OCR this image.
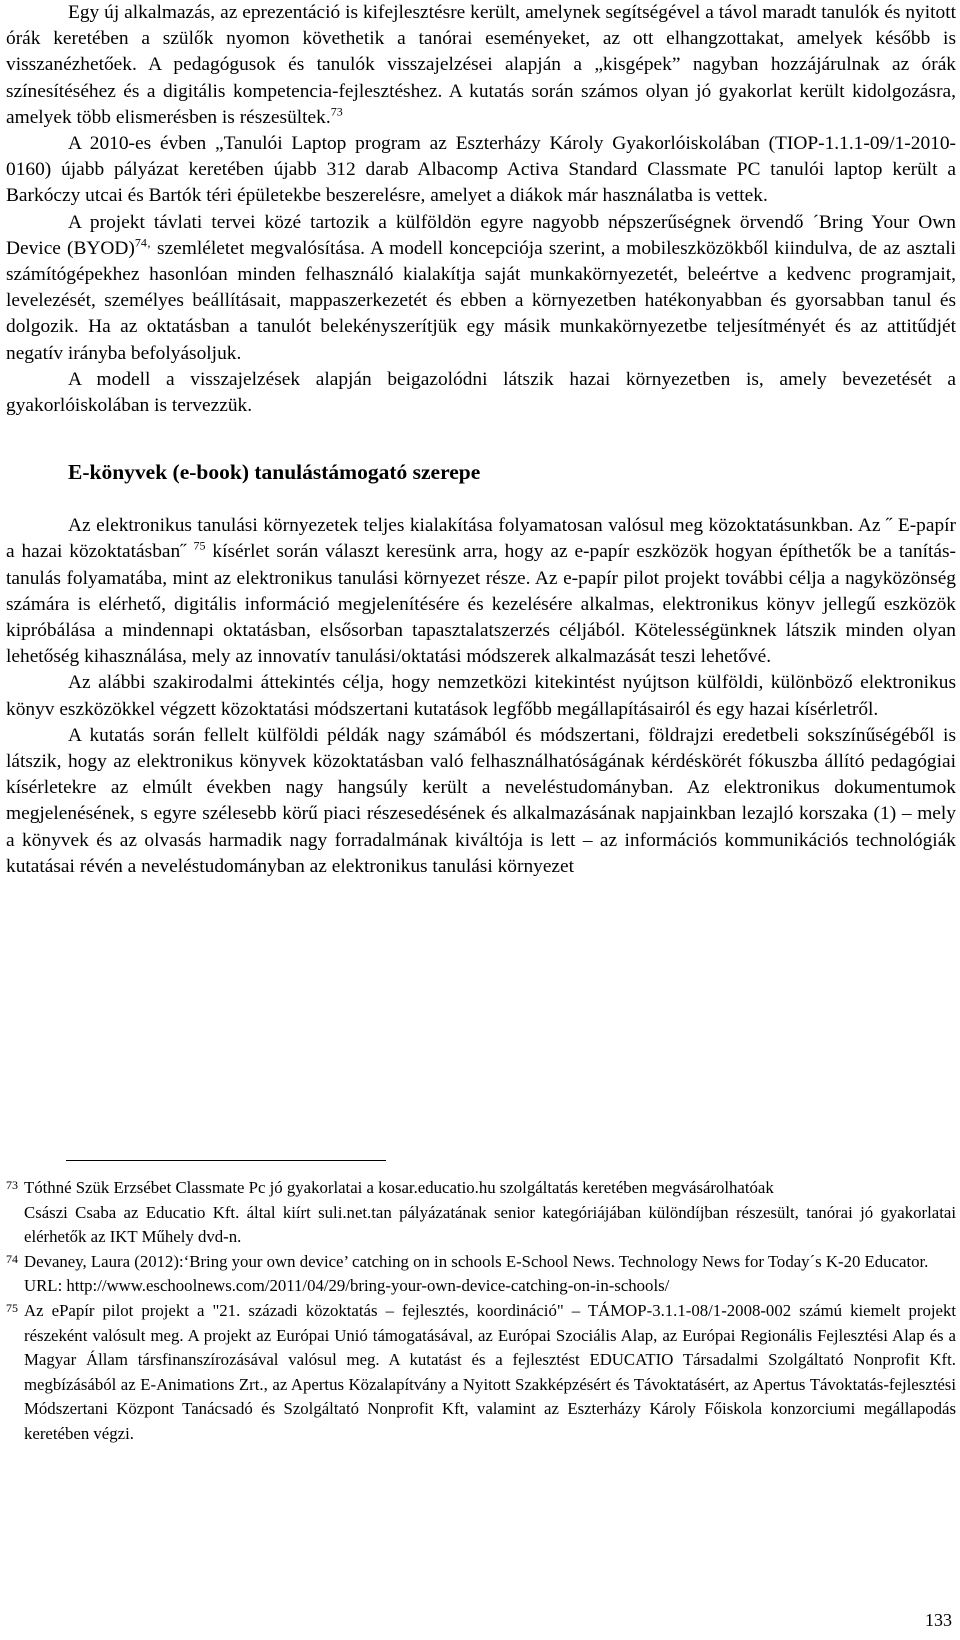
Egy új alkalmazás, az eprezentáció is kifejlesztésre került, amelynek segítségével a távol maradt tanulók és nyitott órák keretében a szülők nyomon követhetik a tanórai eseményeket, az ott elhangzottakat, amelyek később is visszanézhetőek. A pedagógusok és tanulók visszajelzései alapján a „kisgépek” nagyban hozzájárulnak az órák színesítéséhez és a digitális kompetencia-fejlesztéshez. A kutatás során számos olyan jó gyakorlat került kidolgozásra, amelyek több elismerésben is részesültek.$^{73}$

A 2010-es évben „Tanulói Laptop program az Eszterházy Károly Gyakorlóiskolában (TIOP-1.1.1-09/1-2010-0160) újabb pályázat keretében újabb 312 darab Albacomp Activa Standard Classmate PC tanulói laptop került a Barkóczy utcai és Bartók téri épületekbe beszerelésre, amelyet a diákok már használatba is vettek.

A projekt távlati tervei közé tartozik a külföldön egyre nagyobb népszerűségnek örvendő ´Bring Your Own Device (BYOD)$^{74‚}$ szemléletet megvalósítása. A modell koncepciója szerint, a mobileszközökből kiindulva, de az asztali számítógépekhez hasonlóan minden felhasználó kialakítja saját munkakörnyezetét, beleértve a kedvenc programjait, levelezését, személyes beállításait, mappaszerkezetét és ebben a környezetben hatékonyabban és gyorsabban tanul és dolgozik. Ha az oktatásban a tanulót belekényszerítjük egy másik munkakörnyezetbe teljesítményét és az attitűdjét negatív irányba befolyásoljuk.

A modell a visszajelzések alapján beigazolódni látszik hazai környezetben is, amely bevezetését a gyakorlóiskolában is tervezzük.

E-könyvek (e-book) tanulástámogató szerepe

Az elektronikus tanulási környezetek teljes kialakítása folyamatosan valósul meg közoktatásunkban. Az ˝ E-papír a hazai közoktatásban˝ $^{75}$ kísérlet során választ keresünk arra, hogy az e-papír eszközök hogyan építhetők be a tanítás-tanulás folyamatába, mint az elektronikus tanulási környezet része. Az e-papír pilot projekt további célja a nagyközönség számára is elérhető, digitális információ megjelenítésére és kezelésére alkalmas, elektronikus könyv jellegű eszközök kipróbálása a mindennapi oktatásban, elsősorban tapasztalatszerzés céljából. Kötelességünknek látszik minden olyan lehetőség kihasználása, mely az innovatív tanulási/oktatási módszerek alkalmazását teszi lehetővé.

Az alábbi szakirodalmi áttekintés célja, hogy nemzetközi kitekintést nyújtson külföldi, különböző elektronikus könyv eszközökkel végzett közoktatási módszertani kutatások legfőbb megállapításairól és egy hazai kísérletről.

A kutatás során fellelt külföldi példák nagy számából és módszertani, földrajzi eredetbeli sokszínűségéből is látszik, hogy az elektronikus könyvek közoktatásban való felhasználhatóságának kérdéskörét fókuszba állító pedagógiai kísérletekre az elmúlt években nagy hangsúly került a neveléstudományban. Az elektronikus dokumentumok megjelenésének, s egyre szélesebb körű piaci részesedésének és alkalmazásának napjainkban lezajló korszaka (1) – mely a könyvek és az olvasás harmadik nagy forradalmának kiváltója is lett – az információs kommunikációs technológiák kutatásai révén a neveléstudományban az elektronikus tanulási környezet

73 Tóthné Szük Erzsébet Classmate Pc jó gyakorlatai a kosar.educatio.hu szolgáltatás keretében megvásárolhatóak

Császi Csaba az Educatio Kft. által kiírt suli.net.tan pályázatának senior kategóriájában különdíjban részesült, tanórai jó gyakorlatai elérhetők az IKT Műhely dvd-n.

74 Devaney, Laura (2012):‘Bring your own device’ catching on in schools E-School News. Technology News for Today´s K-20 Educator.

URL: http://www.eschoolnews.com/2011/04/29/bring-your-own-device-catching-on-in-schools/

75 Az ePapír pilot projekt a "21. századi közoktatás – fejlesztés, koordináció" – TÁMOP-3.1.1-08/1-2008-002 számú kiemelt projekt részeként valósult meg. A projekt az Európai Unió támogatásával, az Európai Szociális Alap, az Európai Regionális Fejlesztési Alap és a Magyar Állam társfinanszírozásával valósul meg. A kutatást és a fejlesztést EDUCATIO Társadalmi Szolgáltató Nonprofit Kft. megbízásából az E-Animations Zrt., az Apertus Közalapítvány a Nyitott Szakképzésért és Távoktatásért, az Apertus Távoktatás-fejlesztési Módszertani Központ Tanácsadó és Szolgáltató Nonprofit Kft, valamint az Eszterházy Károly Főiskola konzorciumi megállapodás keretében végzi.

133
